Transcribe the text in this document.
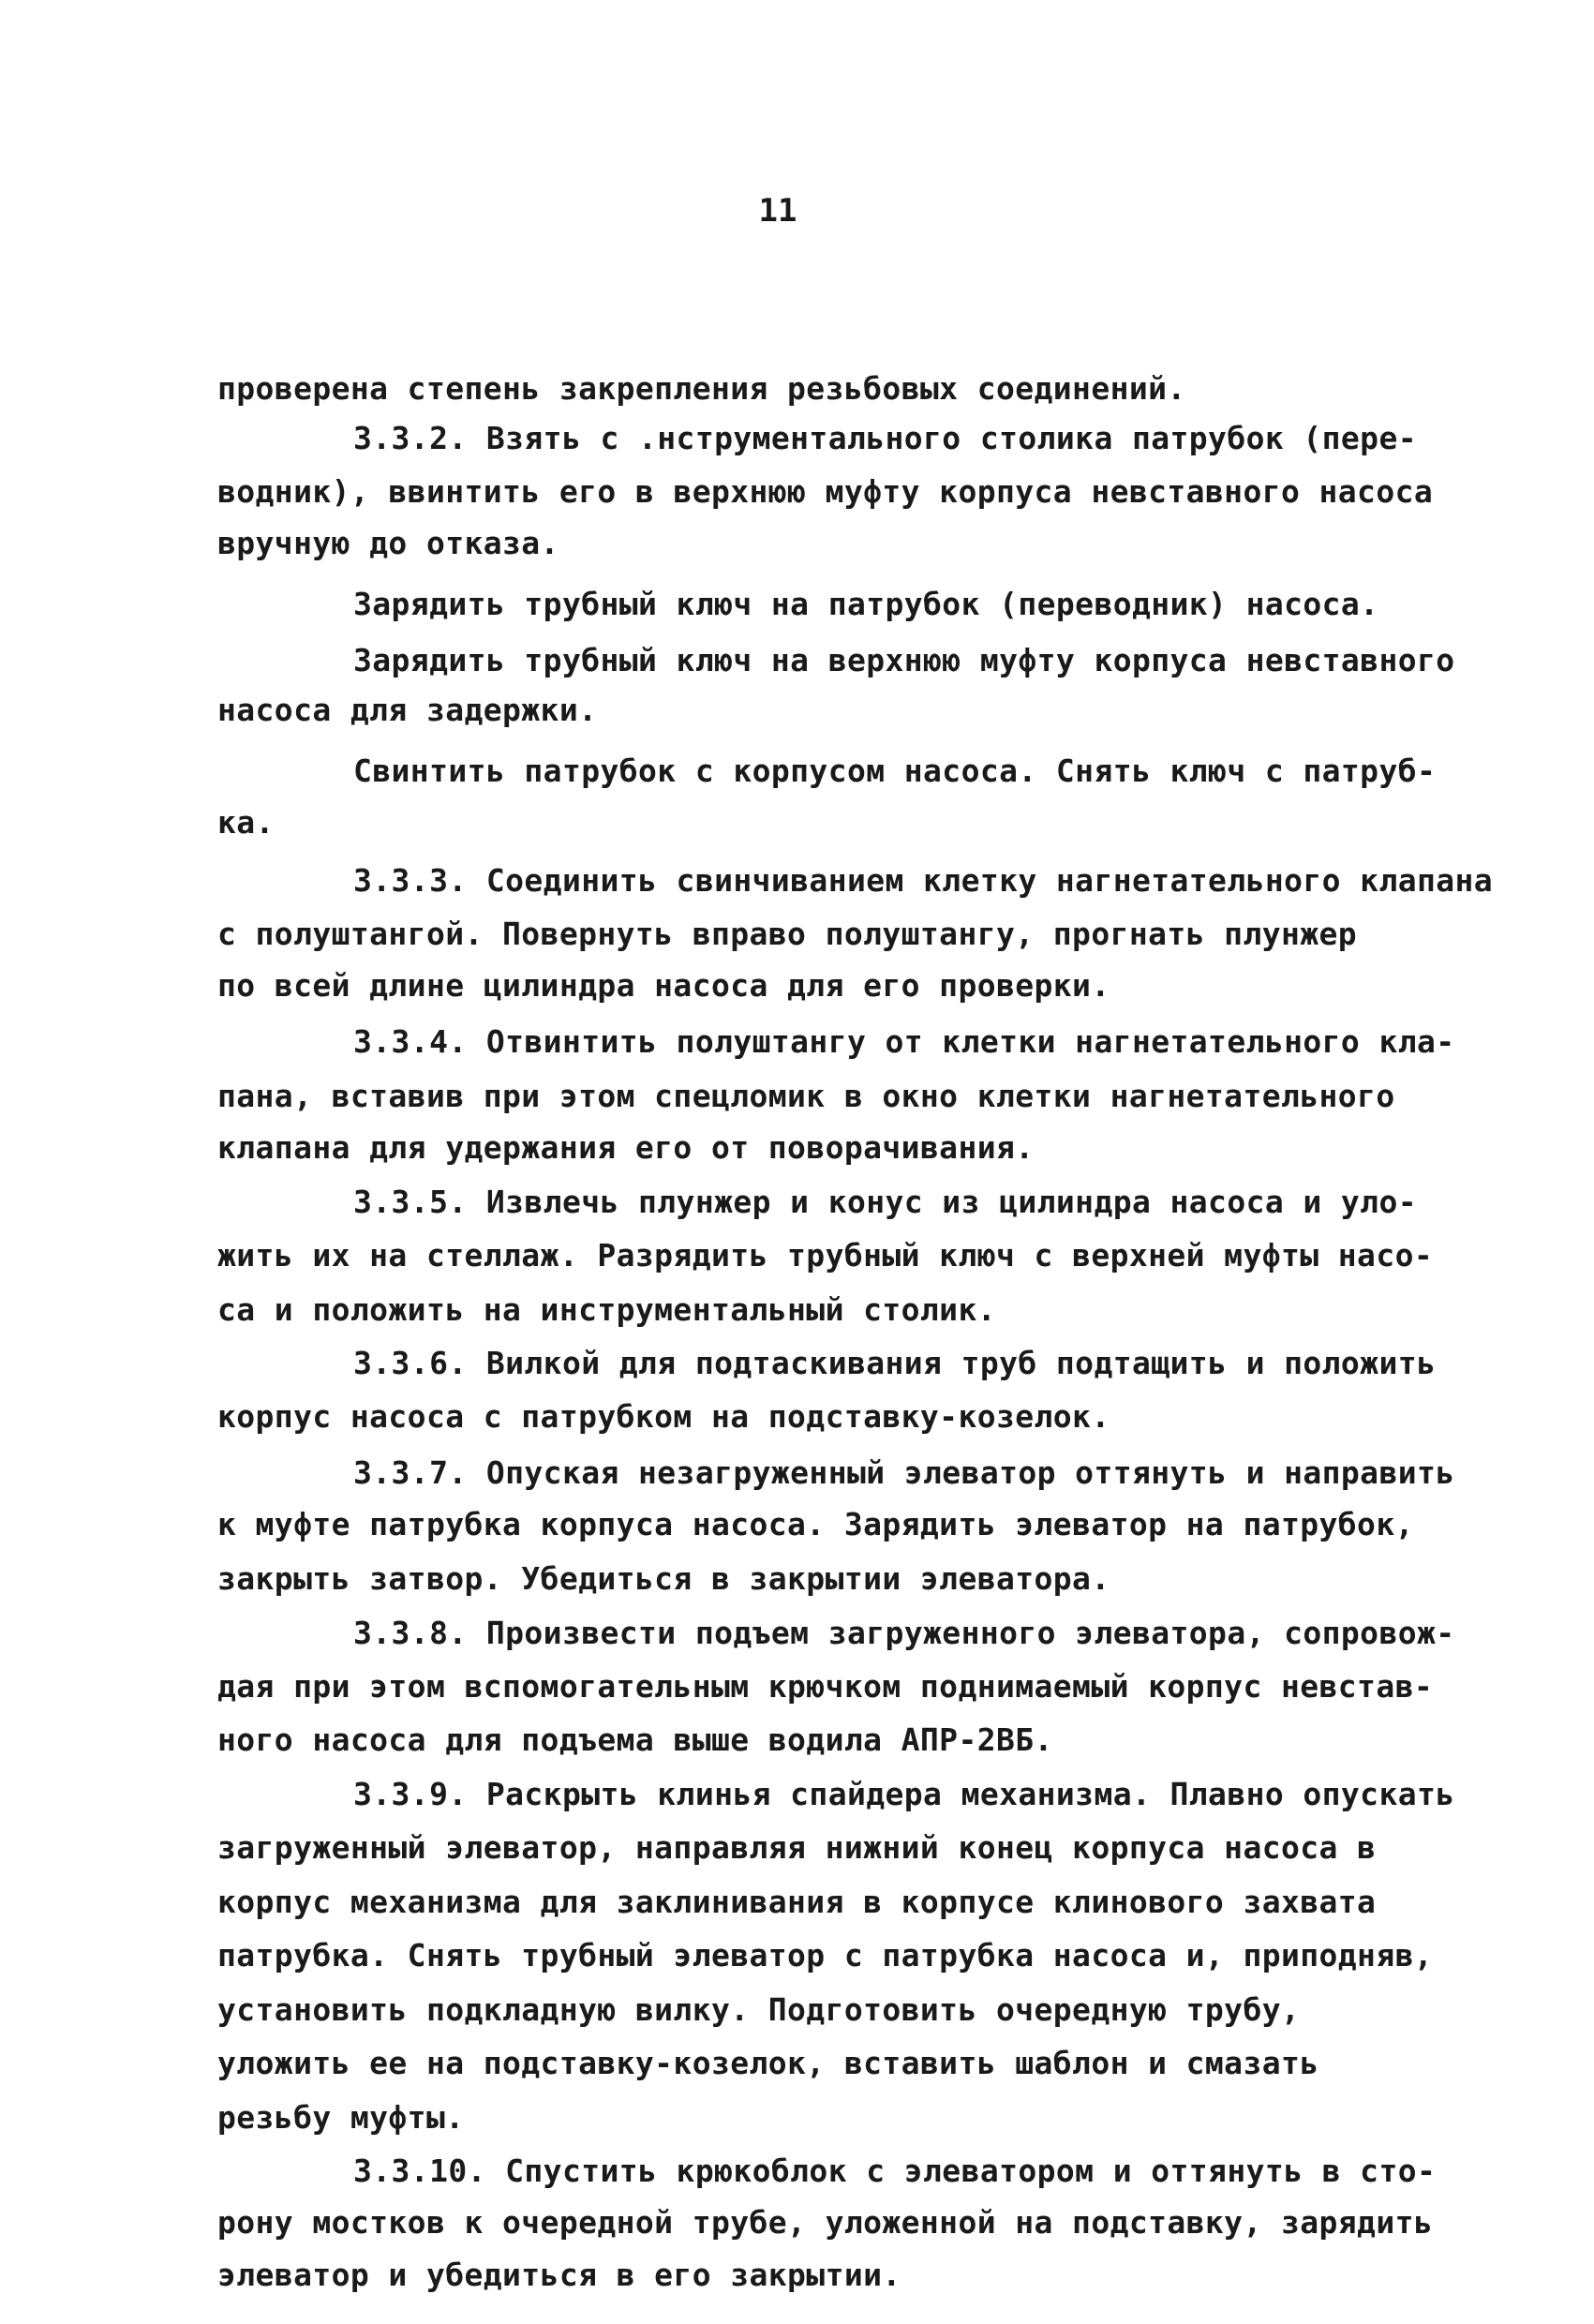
11
проверена степень закрепления резьбовых соединений.
3.3.2. Взять с .нструментального столика патрубок (пере-
водник), ввинтить его в верхнюю муфту корпуса невставного насоса
вручную до отказа.
Зарядить трубный ключ на патрубок (переводник) насоса.
Зарядить трубный ключ на верхнюю муфту корпуса невставного
насоса для задержки.
Свинтить патрубок с корпусом насоса. Снять ключ с патруб-
ка.
3.3.3. Соединить свинчиванием клетку нагнетательного клапана
с полуштангой. Повернуть вправо полуштангу, прогнать плунжер
по всей длине цилиндра насоса для его проверки.
3.3.4. Отвинтить полуштангу от клетки нагнетательного кла-
пана, вставив при этом спецломик в окно клетки нагнетательного
клапана для удержания его от поворачивания.
3.3.5. Извлечь плунжер и конус из цилиндра насоса и уло-
жить их на стеллаж. Разрядить трубный ключ с верхней муфты насо-
са и положить на инструментальный столик.
3.3.6. Вилкой для подтаскивания труб подтащить и положить
корпус насоса с патрубком на подставку-козелок.
3.3.7. Опуская незагруженный элеватор оттянуть и направить
к муфте патрубка корпуса насоса. Зарядить элеватор на патрубок,
закрыть затвор. Убедиться в закрытии элеватора.
3.3.8. Произвести подъем загруженного элеватора, сопровож-
дая при этом вспомогательным крючком поднимаемый корпус невстав-
ного насоса для подъема выше водила АПР-2ВБ.
3.3.9. Раскрыть клинья спайдера механизма. Плавно опускать
загруженный элеватор, направляя нижний конец корпуса насоса в
корпус механизма для заклинивания в корпусе клинового захвата
патрубка. Снять трубный элеватор с патрубка насоса и, приподняв,
установить подкладную вилку. Подготовить очередную трубу,
уложить ее на подставку-козелок, вставить шаблон и смазать
резьбу муфты.
3.3.10. Спустить крюкоблок с элеватором и оттянуть в сто-
рону мостков к очередной трубе, уложенной на подставку, зарядить
элеватор и убедиться в его закрытии.
